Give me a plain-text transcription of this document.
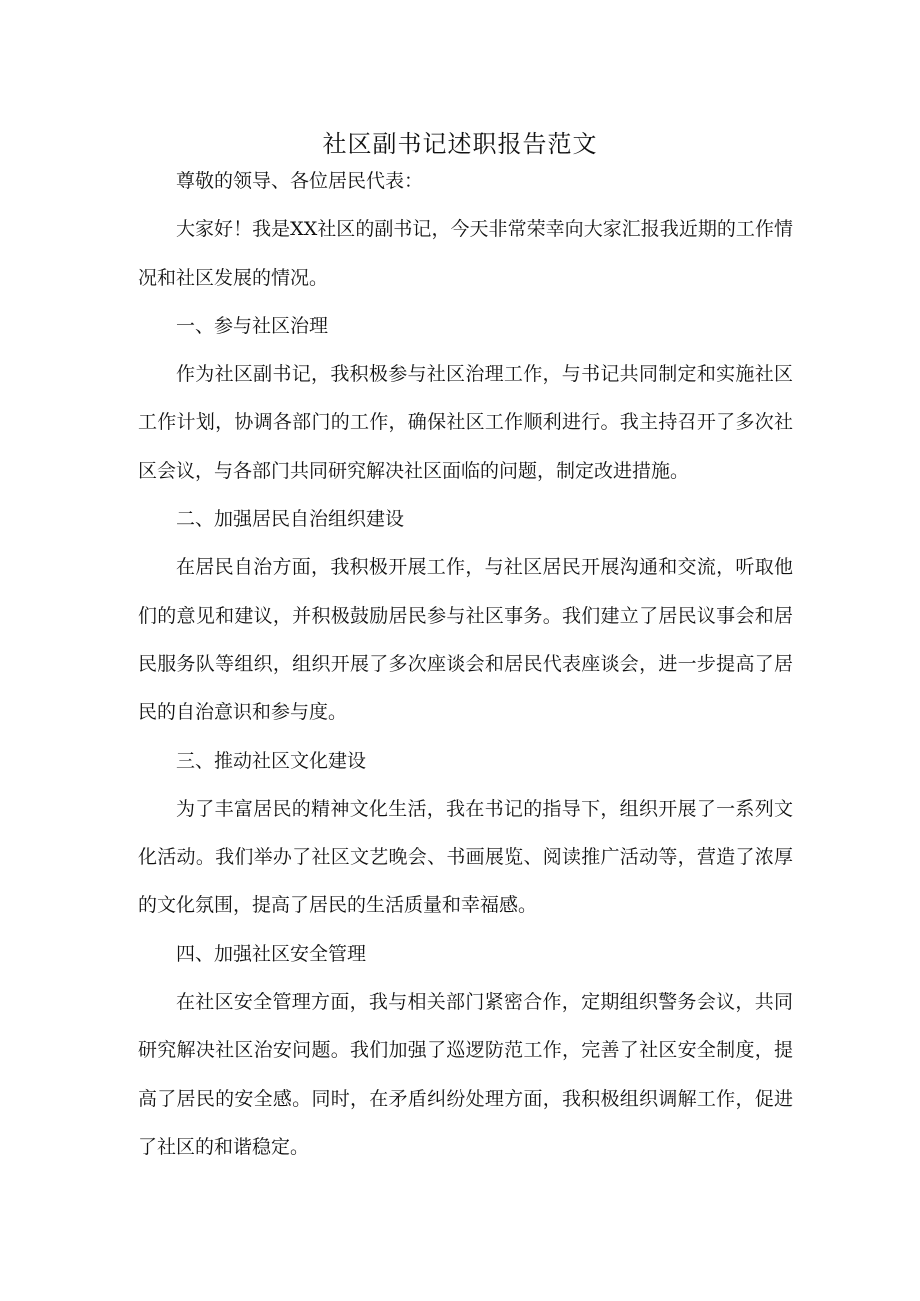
社区副书记述职报告范文

尊敬的领导、各位居民代表：

大家好！我是XX社区的副书记，今天非常荣幸向大家汇报我近期的工作情况和社区发展的情况。

一、参与社区治理

作为社区副书记，我积极参与社区治理工作，与书记共同制定和实施社区工作计划，协调各部门的工作，确保社区工作顺利进行。我主持召开了多次社区会议，与各部门共同研究解决社区面临的问题，制定改进措施。

二、加强居民自治组织建设

在居民自治方面，我积极开展工作，与社区居民开展沟通和交流，听取他们的意见和建议，并积极鼓励居民参与社区事务。我们建立了居民议事会和居民服务队等组织，组织开展了多次座谈会和居民代表座谈会，进一步提高了居民的自治意识和参与度。

三、推动社区文化建设

为了丰富居民的精神文化生活，我在书记的指导下，组织开展了一系列文化活动。我们举办了社区文艺晚会、书画展览、阅读推广活动等，营造了浓厚的文化氛围，提高了居民的生活质量和幸福感。

四、加强社区安全管理

在社区安全管理方面，我与相关部门紧密合作，定期组织警务会议，共同研究解决社区治安问题。我们加强了巡逻防范工作，完善了社区安全制度，提高了居民的安全感。同时，在矛盾纠纷处理方面，我积极组织调解工作，促进了社区的和谐稳定。
